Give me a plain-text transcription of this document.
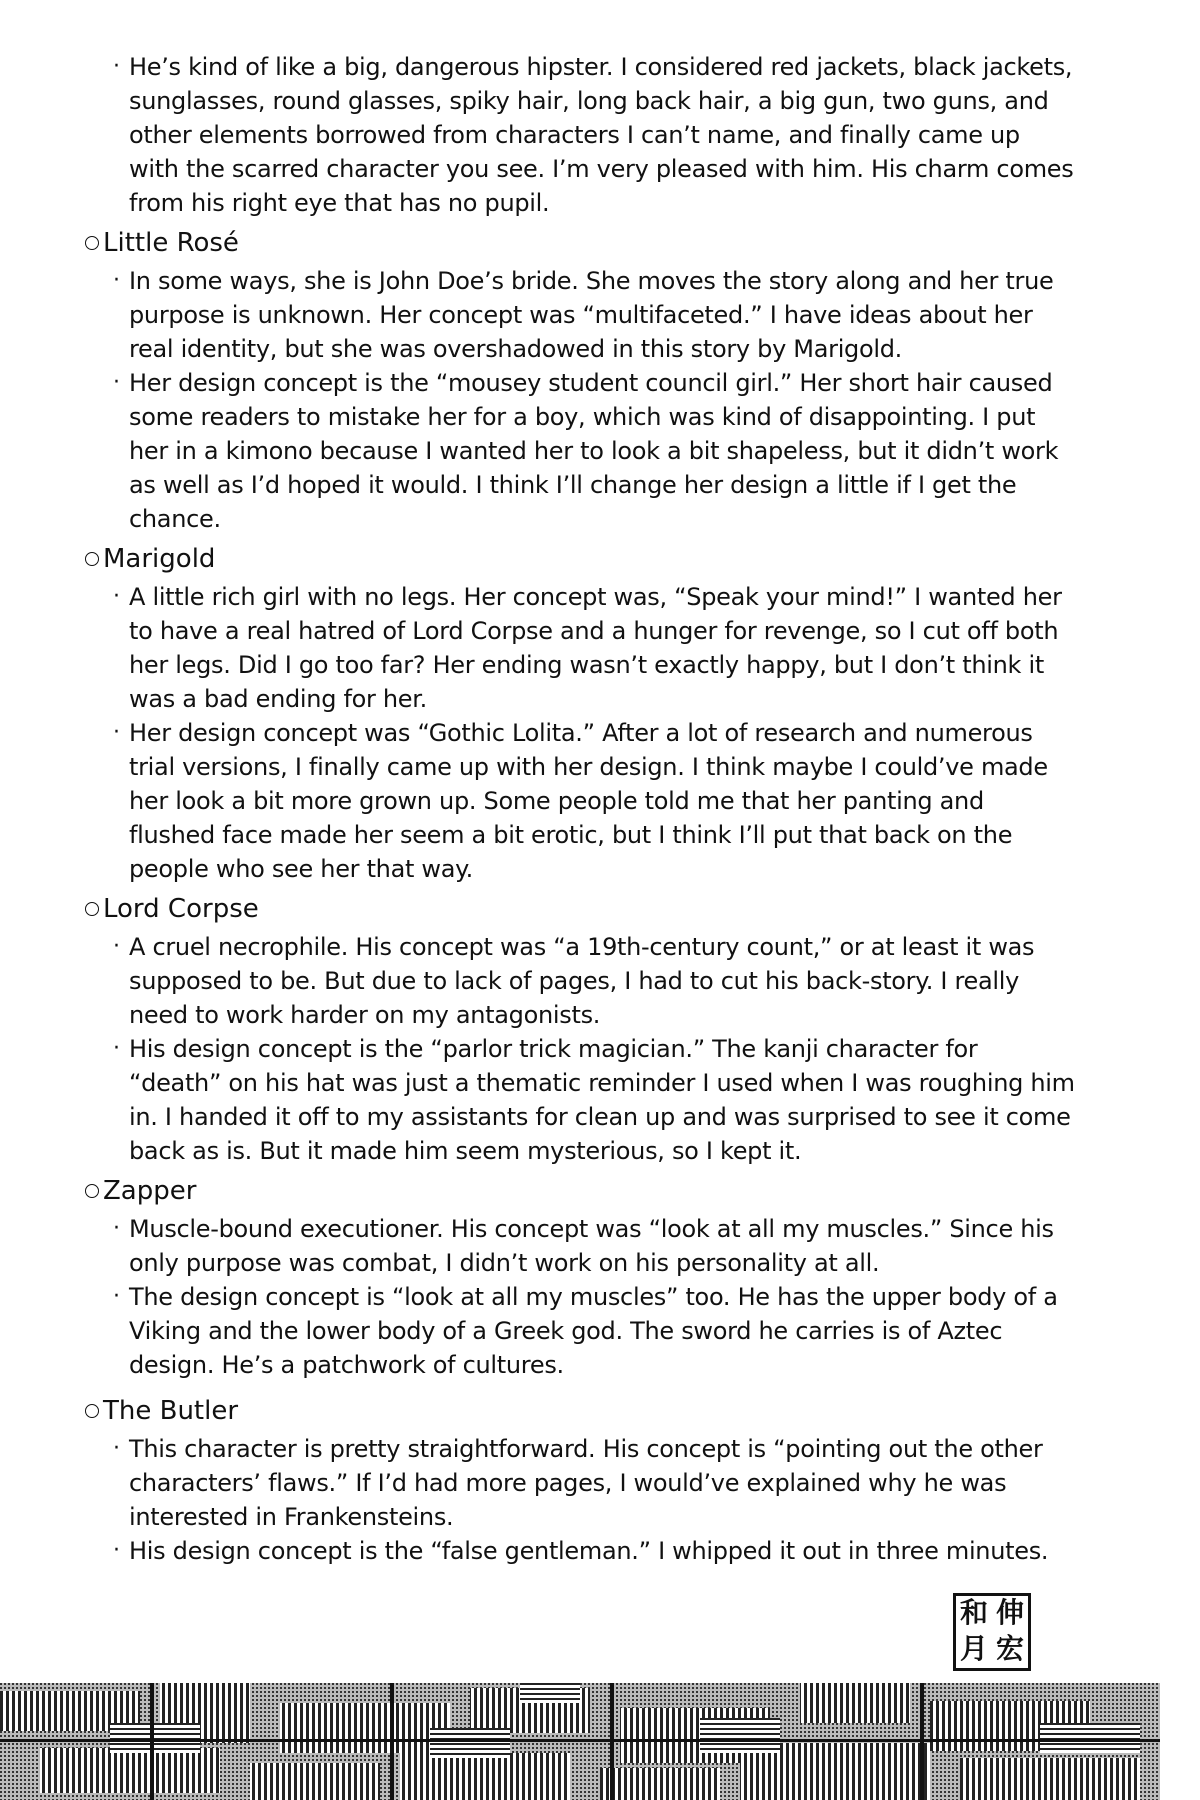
· He’s kind of like a big, dangerous hipster. I considered red jackets, black jackets, sunglasses, round glasses, spiky hair, long back hair, a big gun, two guns, and other elements borrowed from characters I can’t name, and finally came up with the scarred character you see. I’m very pleased with him. His charm comes from his right eye that has no pupil.
Little Rosé
· In some ways, she is John Doe’s bride. She moves the story along and her true purpose is unknown. Her concept was “multifaceted.” I have ideas about her real identity, but she was overshadowed in this story by Marigold.
· Her design concept is the “mousey student council girl.” Her short hair caused some readers to mistake her for a boy, which was kind of disappointing. I put her in a kimono because I wanted her to look a bit shapeless, but it didn’t work as well as I’d hoped it would. I think I’ll change her design a little if I get the chance.
Marigold
· A little rich girl with no legs. Her concept was, “Speak your mind!” I wanted her to have a real hatred of Lord Corpse and a hunger for revenge, so I cut off both her legs. Did I go too far? Her ending wasn’t exactly happy, but I don’t think it was a bad ending for her.
· Her design concept was “Gothic Lolita.” After a lot of research and numerous trial versions, I finally came up with her design. I think maybe I could’ve made her look a bit more grown up. Some people told me that her panting and flushed face made her seem a bit erotic, but I think I’ll put that back on the people who see her that way.
Lord Corpse
· A cruel necrophile. His concept was “a 19th-century count,” or at least it was supposed to be. But due to lack of pages, I had to cut his back-story. I really need to work harder on my antagonists.
· His design concept is the “parlor trick magician.” The kanji character for “death” on his hat was just a thematic reminder I used when I was roughing him in. I handed it off to my assistants for clean up and was surprised to see it come back as is. But it made him seem mysterious, so I kept it.
Zapper
· Muscle-bound executioner. His concept was “look at all my muscles.” Since his only purpose was combat, I didn’t work on his personality at all.
· The design concept is “look at all my muscles” too. He has the upper body of a Viking and the lower body of a Greek god. The sword he carries is of Aztec design. He’s a patchwork of cultures.
The Butler
· This character is pretty straightforward. His concept is “pointing out the other characters’ flaws.” If I’d had more pages, I would’ve explained why he was interested in Frankensteins.
· His design concept is the “false gentleman.” I whipped it out in three minutes.
和 伸
月 宏
